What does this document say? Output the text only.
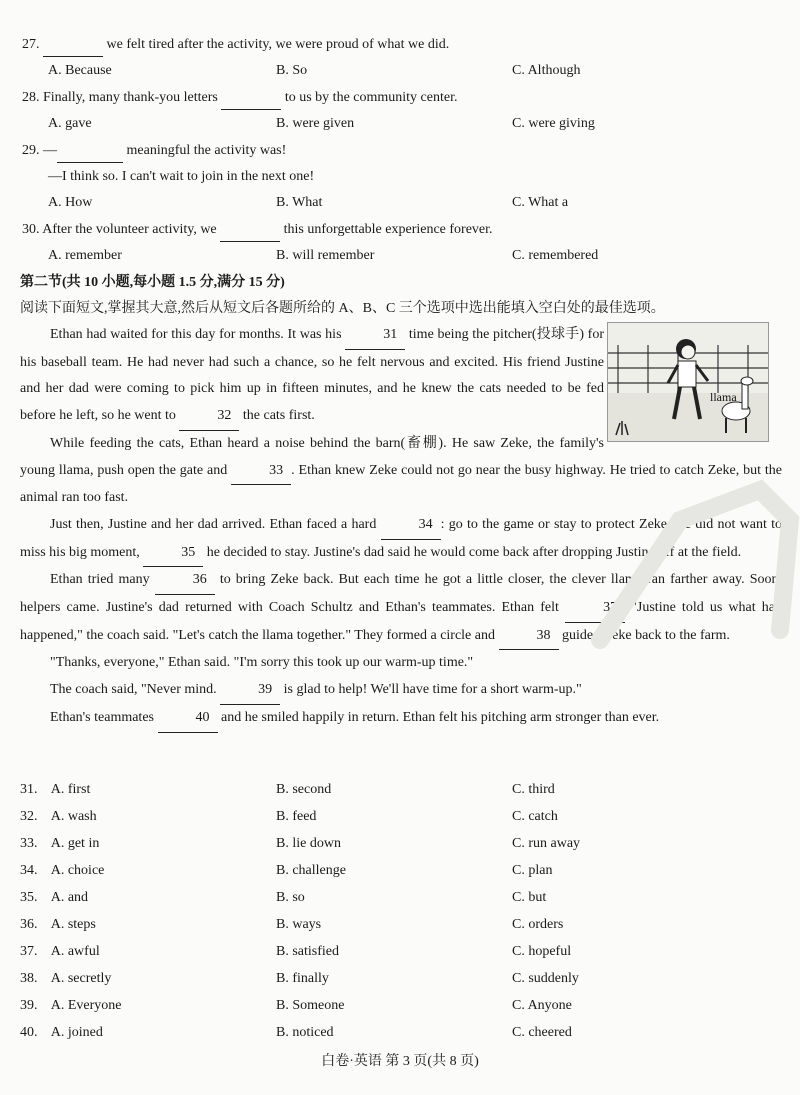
27.	we felt tired after the activity, we were proud of what we did.
A. Because	B. So	C. Although
28. Finally, many thank-you letters	to us by the community center.
A. gave	B. were given	C. were giving
29. —	meaningful the activity was!
—I think so. I can't wait to join in the next one!
A. How	B. What	C. What a
30. After the volunteer activity, we	this unforgettable experience forever.
A. remember	B. will remember	C. remembered
第二节(共 10 小题,每小题 1.5 分,满分 15 分)
阅读下面短文,掌握其大意,然后从短文后各题所给的 A、B、C 三个选项中选出能填入空白处的最佳选项。

Ethan had waited for this day for months. It was his	31 time being the pitcher(投球手) for his baseball team. He had never had such a chance, so he felt nervous and excited. His friend Justine and her dad were coming to pick him up in fifteen minutes, and he knew the cats needed to be fed before he left, so he went to	32 the cats first.

While feeding the cats, Ethan heard a noise behind the barn(畜棚). He saw Zeke, the family's young llama, push open the gate and	33 . Ethan knew Zeke could not go near the busy highway. He tried to catch Zeke, but the animal ran too fast.

Just then, Justine and her dad arrived. Ethan faced a hard	34 : go to the game or stay to protect Zeke. He did not want to miss his big moment,	35 he decided to stay. Justine's dad said he would come back after dropping Justine off at the field.

Ethan tried many	36 to bring Zeke back. But each time he got a little closer, the clever llama ran farther away. Soon, helpers came. Justine's dad returned with Coach Schultz and Ethan's teammates. Ethan felt	37 "Justine told us what had happened," the coach said. "Let's catch the llama together." They formed a circle and	38 guided Zeke back to the farm.

"Thanks, everyone," Ethan said. "I'm sorry this took up our warm-up time."

The coach said, "Never mind.	39 is glad to help! We'll have time for a short warm-up."

Ethan's teammates	40 and he smiled happily in return. Ethan felt his pitching arm stronger than ever.

llama
31. A. first	B. second	C. third
32. A. wash	B. feed	C. catch
33. A. get in	B. lie down	C. run away
34. A. choice	B. challenge	C. plan
35. A. and	B. so	C. but
36. A. steps	B. ways	C. orders
37. A. awful	B. satisfied	C. hopeful
38. A. secretly	B. finally	C. suddenly
39. A. Everyone	B. Someone	C. Anyone
40. A. joined	B. noticed	C. cheered
白卷·英语 第 3 页(共 8 页)
